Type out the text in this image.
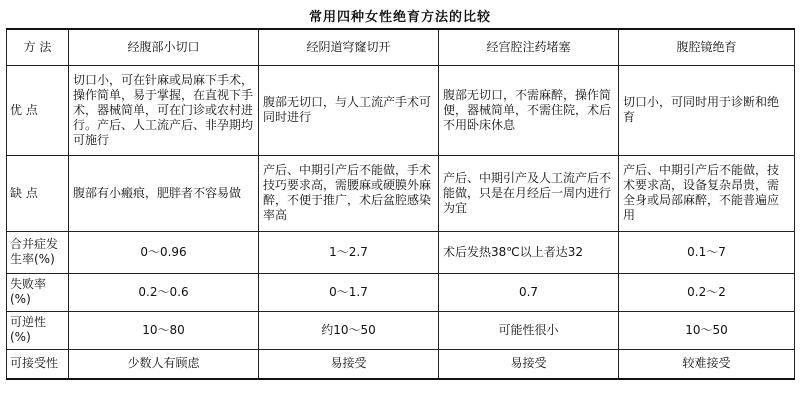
常用四种女性绝育方法的比较
方 法	经腹部小切口	经阴道穹窿切开	经宫腔注药堵塞	腹腔镜绝育
优 点	切口小，可在针麻或局麻下手术，操作简单，易于掌握，在直视下手术，器械简单，可在门诊或农村进行。产后、人工流产后、非孕期均可施行	腹部无切口，与人工流产手术可同时进行	腹部无切口，不需麻醉，操作简便，器械简单，不需住院，术后不用卧床休息	切口小，可同时用于诊断和绝育
缺 点	腹部有小瘢痕，肥胖者不容易做	产后、中期引产后不能做，手术技巧要求高，需腰麻或硬膜外麻醉，不便于推广，术后盆腔感染率高	产后、中期引产及人工流产后不能做，只是在月经后一周内进行为宜	产后、中期引产后不能做，技术要求高，设备复杂昂贵，需全身或局部麻醉，不能普遍应用
合并症发生率(%)	0～0.96	1～2.7	术后发热38℃以上者达32	0.1～7
失败率(%)	0.2～0.6	0～1.7	0.7	0.2～2
可逆性(%)	10～80	约10～50	可能性很小	10～50
可接受性	少数人有顾虑	易接受	易接受	较难接受
